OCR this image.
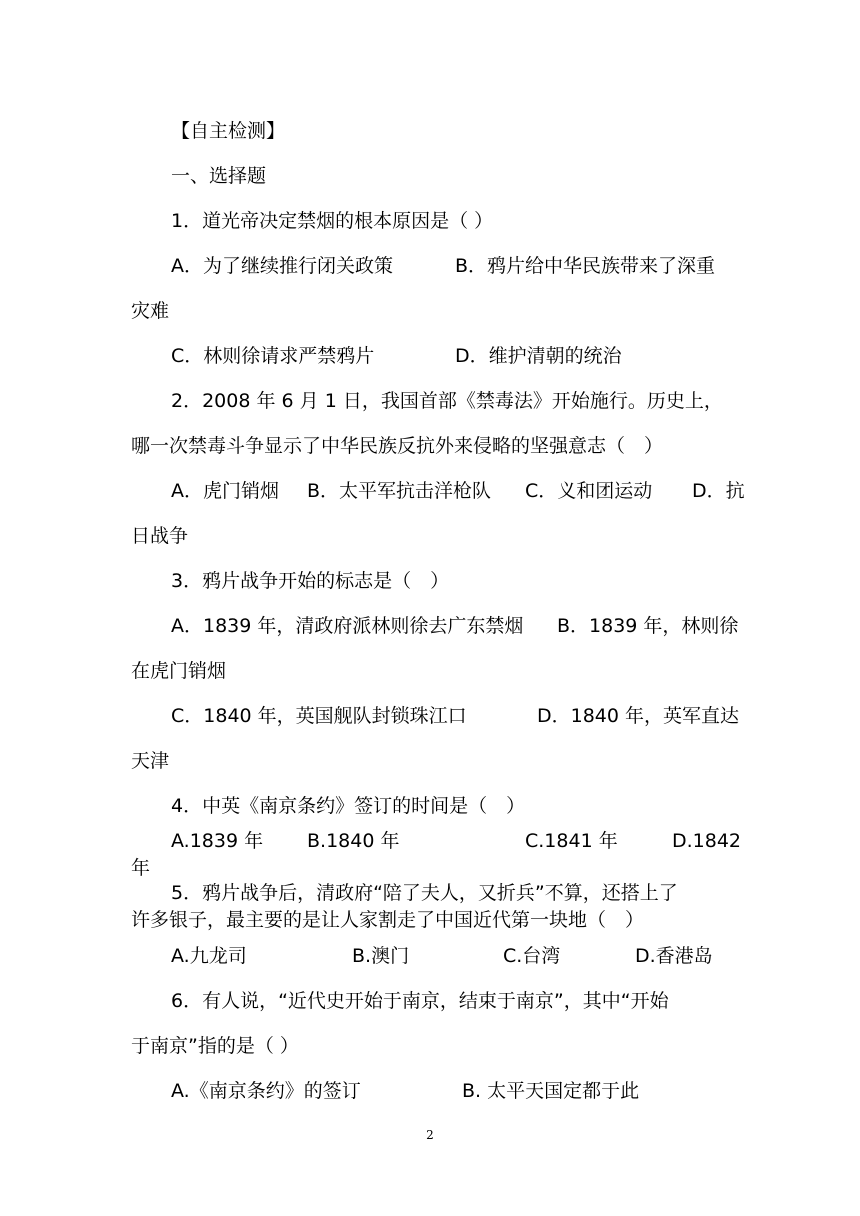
【自主检测】
一、选择题
1．道光帝决定禁烟的根本原因是（ ）
A．为了继续推行闭关政策	B．鸦片给中华民族带来了深重
灾难
C．林则徐请求严禁鸦片	D．维护清朝的统治
2．2008 年 6 月 1 日，我国首部《禁毒法》开始施行。历史上，
哪一次禁毒斗争显示了中华民族反抗外来侵略的坚强意志（　）
A．虎门销烟 B．太平军抗击洋枪队 C．义和团运动 D．抗
日战争
3．鸦片战争开始的标志是（　）
A．1839 年，清政府派林则徐去广东禁烟 B．1839 年，林则徐
在虎门销烟
C．1840 年，英国舰队封锁珠江口	D．1840 年，英军直达
天津
4．中英《南京条约》签订的时间是（　）
A.1839 年 B.1840 年	C.1841 年	D.1842
年
5．鸦片战争后，清政府“陪了夫人，又折兵”不算，还搭上了
许多银子，最主要的是让人家割走了中国近代第一块地（　）
A.九龙司	B.澳门	C.台湾	D.香港岛
6．有人说，“近代史开始于南京，结束于南京”，其中“开始
于南京”指的是（ ）
A.《南京条约》的签订	B. 太平天国定都于此
2
